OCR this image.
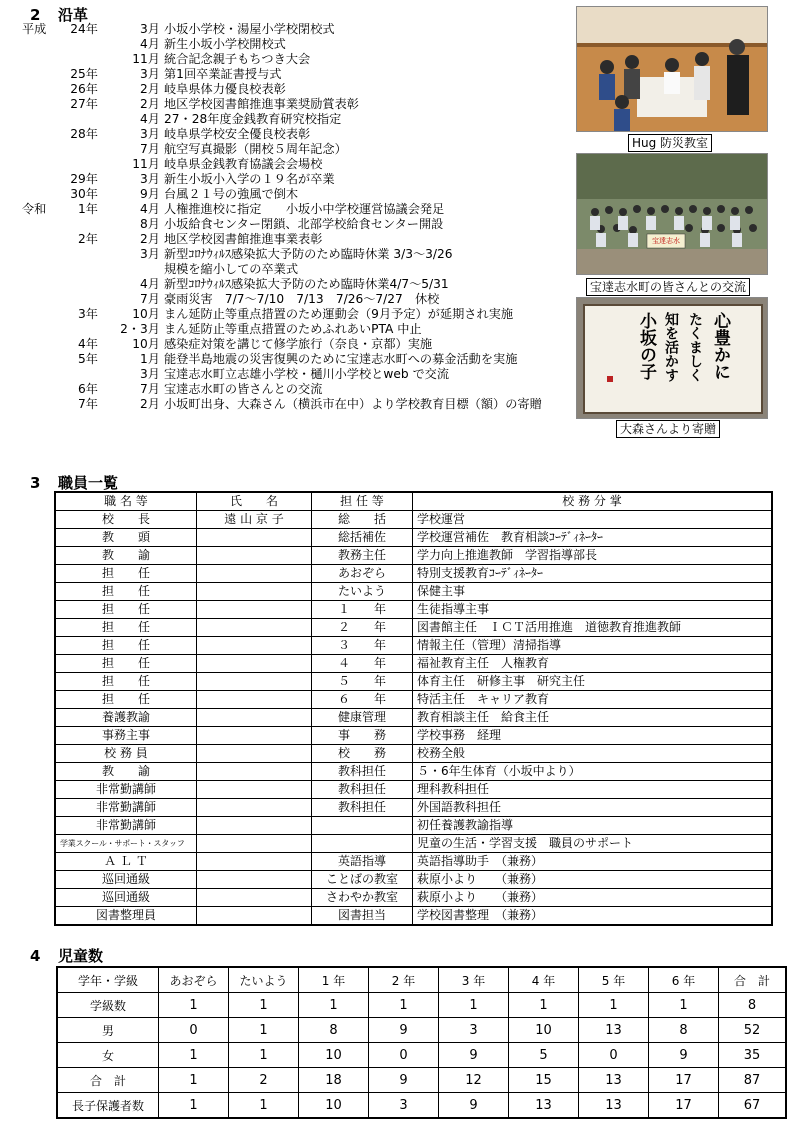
2 沿革
平成	24年	3月 小坂小学校・湯屋小学校閉校式
4月 新生小坂小学校開校式
11月 統合記念親子もちつき大会
25年	3月 第1回卒業証書授与式
26年	2月 岐阜県体力優良校表彰
27年	2月 地区学校図書館推進事業奨励賞表彰
4月 27・28年度金銭教育研究校指定
28年	3月 岐阜県学校安全優良校表彰
7月 航空写真撮影（開校５周年記念）
11月 岐阜県金銭教育協議会会場校
29年	3月 新生小坂小入学の１９名が卒業
30年	9月 台風２１号の強風で倒木
令和	1年	4月 人権推進校に指定　　小坂小中学校運営協議会発足
8月 小坂給食センター閉鎖、北部学校給食センター開設
2年	2月 地区学校図書館推進事業表彰
3月 新型ｺﾛﾅｳｨﾙｽ感染拡大予防のため臨時休業 3/3～3/26
規模を縮小しての卒業式
4月 新型ｺﾛﾅｳｨﾙｽ感染拡大予防のため臨時休業4/7～5/31
7月 豪雨災害　7/7～7/10　7/13　7/26～7/27　休校
3年	10月 まん延防止等重点措置のため運動会（9月予定）が延期され実施
2・3月 まん延防止等重点措置のためふれあいPTA 中止
4年	10月 感染症対策を講じて修学旅行（奈良・京都）実施
5年	1月 能登半島地震の災害復興のために宝達志水町への募金活動を実施
3月 宝達志水町立志雄小学校・樋川小学校とweb で交流
6年	7月 宝達志水町の皆さんとの交流
7年	2月 小坂町出身、大森さん（横浜市在中）より学校教育目標（額）の寄贈
Hug 防災教室
宝達志水
宝達志水町の皆さんとの交流
心豊かに
たくましく
知を活かす
小坂の子
大森さんより寄贈
3 職員一覧
職 名 等	氏　　名	担 任 等	校 務 分 掌
校　　長	遠 山 京 子	総　　括	学校運営
教　　頭		総括補佐	学校運営補佐　教育相談ｺｰﾃﾞｨﾈｰﾀｰ
教　　諭		教務主任	学力向上推進教師　学習指導部長
担　　任		あおぞら	特別支援教育ｺｰﾃﾞｨﾈｰﾀｰ
担　　任		たいよう	保健主事
担　　任		１　　年	生徒指導主事
担　　任		２　　年	図書館主任　ＩＣＴ活用推進　道徳教育推進教師
担　　任		３　　年	情報主任（管理）清掃指導
担　　任		４　　年	福祉教育主任　人権教育
担　　任		５　　年	体育主任　研修主事　研究主任
担　　任		６　　年	特活主任　キャリア教育
養護教諭		健康管理	教育相談主任　給食主任
事務主事		事　　務	学校事務　経理
校 務 員		校　　務	校務全般
教　　諭		教科担任	５・6年生体育（小坂中より）
非常勤講師		教科担任	理科教科担任
非常勤講師		教科担任	外国語教科担任
非常勤講師			初任養護教諭指導
学業スクール・サポート・スタッフ			児童の生活・学習支援　職員のサポート
Ａ Ｌ Ｔ		英語指導	英語指導助手　（兼務）
巡回通級		ことばの教室	萩原小より　　（兼務）
巡回通級		さわやか教室	萩原小より　　（兼務）
図書整理員		図書担当	学校図書整理　（兼務）
4 児童数
学年・学級	あおぞら	たいよう	1 年	2 年	3 年	4 年	5 年	6 年	合　計
学級数	1	1	1	1	1	1	1	1	8
男	0	1	8	9	3	10	13	8	52
女	1	1	10	0	9	5	0	9	35
合　計	1	2	18	9	12	15	13	17	87
長子保護者数	1	1	10	3	9	13	13	17	67
